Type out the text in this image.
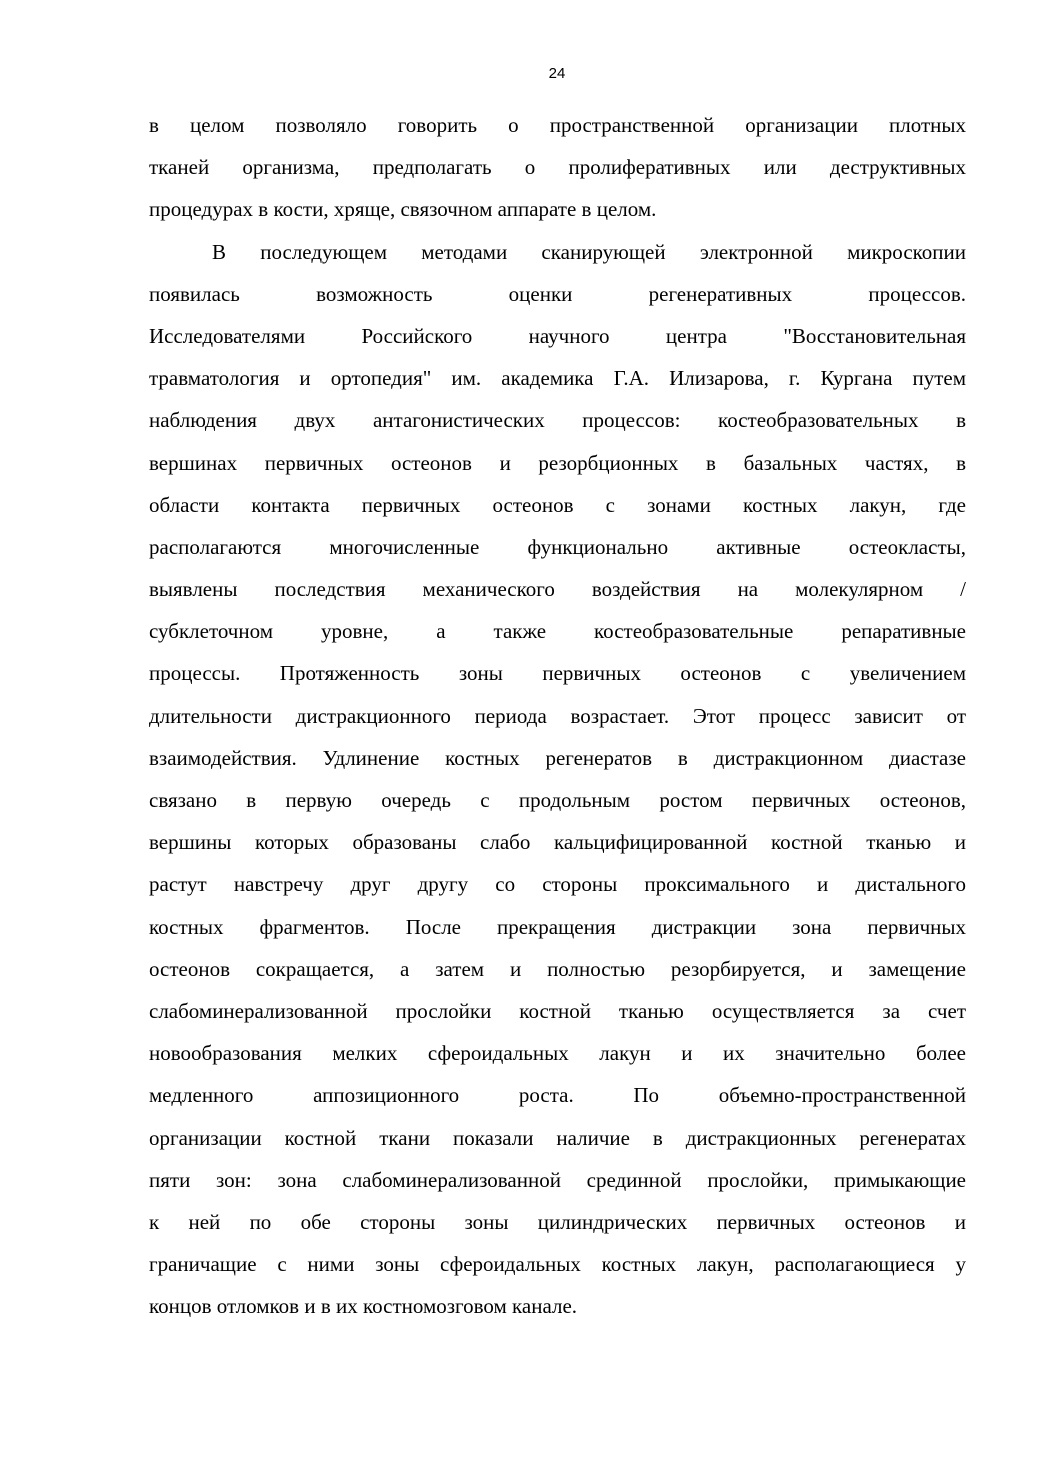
24
в целом позволяло говорить о пространственной организации плотных
тканей организма, предполагать о пролиферативных или деструктивных
процедурах в кости, хряще, связочном аппарате в целом.
В последующем методами сканирующей электронной микроскопии
появилась возможность оценки регенеративных процессов.
Исследователями Российского научного центра "Восстановительная
травматология и ортопедия" им. академика Г.А. Илизарова, г. Кургана путем
наблюдения двух антагонистических процессов: костеобразовательных в
вершинах первичных остеонов и резорбционных в базальных частях, в
области контакта первичных остеонов с зонами костных лакун, где
располагаются многочисленные функционально активные остеокласты,
выявлены последствия механического воздействия на молекулярном /
субклеточном уровне, а также костеобразовательные репаративные
процессы. Протяженность зоны первичных остеонов с увеличением
длительности дистракционного периода возрастает. Этот процесс зависит от
взаимодействия. Удлинение костных регенератов в дистракционном диастазе
связано в первую очередь с продольным ростом первичных остеонов,
вершины которых образованы слабо кальцифицированной костной тканью и
растут навстречу друг другу со стороны проксимального и дистального
костных фрагментов. После прекращения дистракции зона первичных
остеонов сокращается, а затем и полностью резорбируется, и замещение
слабоминерализованной прослойки костной тканью осуществляется за счет
новообразования мелких сфероидальных лакун и их значительно более
медленного аппозиционного роста. По объемно-пространственной
организации костной ткани показали наличие в дистракционных регенератах
пяти зон: зона слабоминерализованной срединной прослойки, примыкающие
к ней по обе стороны зоны цилиндрических первичных остеонов и
граничащие с ними зоны сфероидальных костных лакун, располагающиеся у
концов отломков и в их костномозговом канале.
